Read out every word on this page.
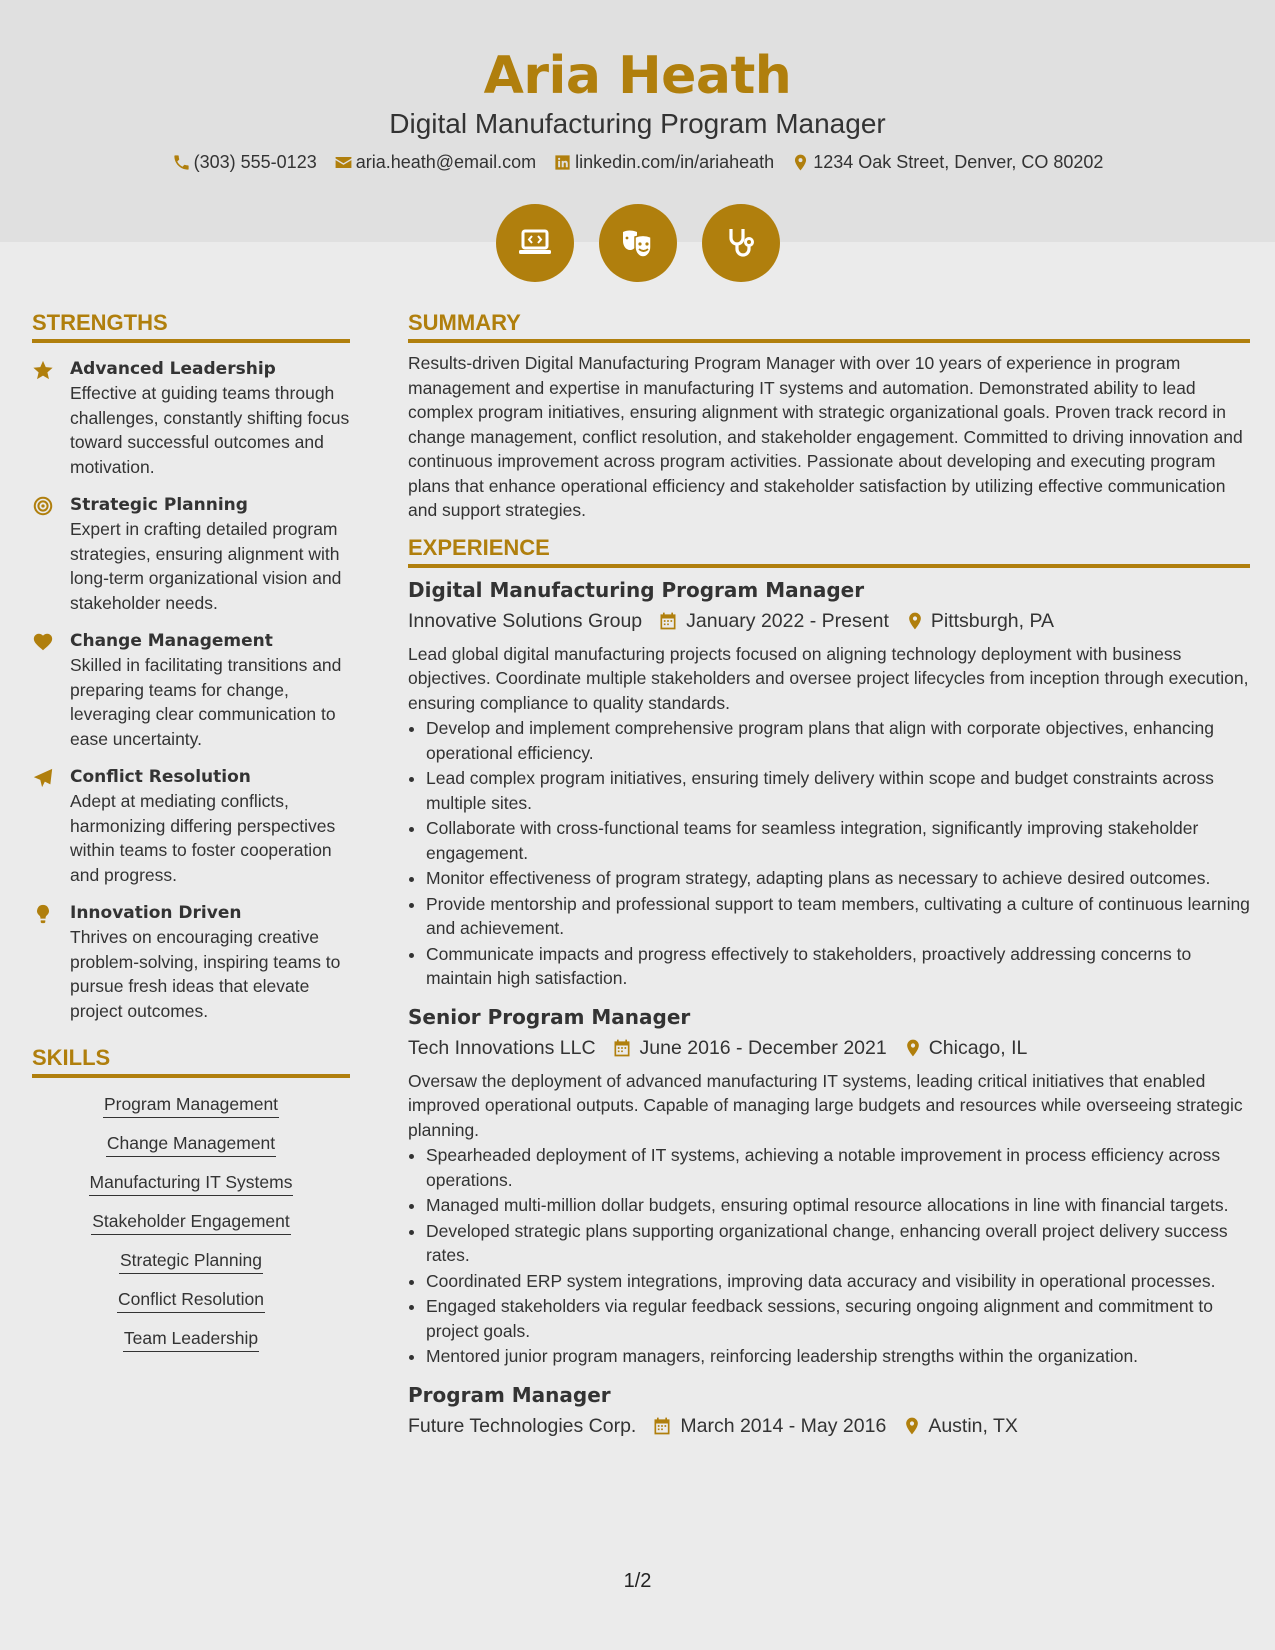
Aria Heath
Digital Manufacturing Program Manager
(303) 555-0123 aria.heath@email.com linkedin.com/in/ariaheath 1234 Oak Street, Denver, CO 80202
STRENGTHS
Advanced Leadership
Effective at guiding teams through challenges, constantly shifting focus toward successful outcomes and motivation.
Strategic Planning
Expert in crafting detailed program strategies, ensuring alignment with long-term organizational vision and stakeholder needs.
Change Management
Skilled in facilitating transitions and preparing teams for change, leveraging clear communication to ease uncertainty.
Conflict Resolution
Adept at mediating conflicts, harmonizing differing perspectives within teams to foster cooperation and progress.
Innovation Driven
Thrives on encouraging creative problem-solving, inspiring teams to pursue fresh ideas that elevate project outcomes.
SKILLS
Program Management
Change Management
Manufacturing IT Systems
Stakeholder Engagement
Strategic Planning
Conflict Resolution
Team Leadership
SUMMARY
Results-driven Digital Manufacturing Program Manager with over 10 years of experience in program management and expertise in manufacturing IT systems and automation. Demonstrated ability to lead complex program initiatives, ensuring alignment with strategic organizational goals. Proven track record in change management, conflict resolution, and stakeholder engagement. Committed to driving innovation and continuous improvement across program activities. Passionate about developing and executing program plans that enhance operational efficiency and stakeholder satisfaction by utilizing effective communication and support strategies.
EXPERIENCE
Digital Manufacturing Program Manager
Innovative Solutions Group January 2022 - Present Pittsburgh, PA
Lead global digital manufacturing projects focused on aligning technology deployment with business objectives. Coordinate multiple stakeholders and oversee project lifecycles from inception through execution, ensuring compliance to quality standards.
• Develop and implement comprehensive program plans that align with corporate objectives, enhancing operational efficiency.
• Lead complex program initiatives, ensuring timely delivery within scope and budget constraints across multiple sites.
• Collaborate with cross-functional teams for seamless integration, significantly improving stakeholder engagement.
• Monitor effectiveness of program strategy, adapting plans as necessary to achieve desired outcomes.
• Provide mentorship and professional support to team members, cultivating a culture of continuous learning and achievement.
• Communicate impacts and progress effectively to stakeholders, proactively addressing concerns to maintain high satisfaction.
Senior Program Manager
Tech Innovations LLC June 2016 - December 2021 Chicago, IL
Oversaw the deployment of advanced manufacturing IT systems, leading critical initiatives that enabled improved operational outputs. Capable of managing large budgets and resources while overseeing strategic planning.
• Spearheaded deployment of IT systems, achieving a notable improvement in process efficiency across operations.
• Managed multi-million dollar budgets, ensuring optimal resource allocations in line with financial targets.
• Developed strategic plans supporting organizational change, enhancing overall project delivery success rates.
• Coordinated ERP system integrations, improving data accuracy and visibility in operational processes.
• Engaged stakeholders via regular feedback sessions, securing ongoing alignment and commitment to project goals.
• Mentored junior program managers, reinforcing leadership strengths within the organization.
Program Manager
Future Technologies Corp. March 2014 - May 2016 Austin, TX
1/2
